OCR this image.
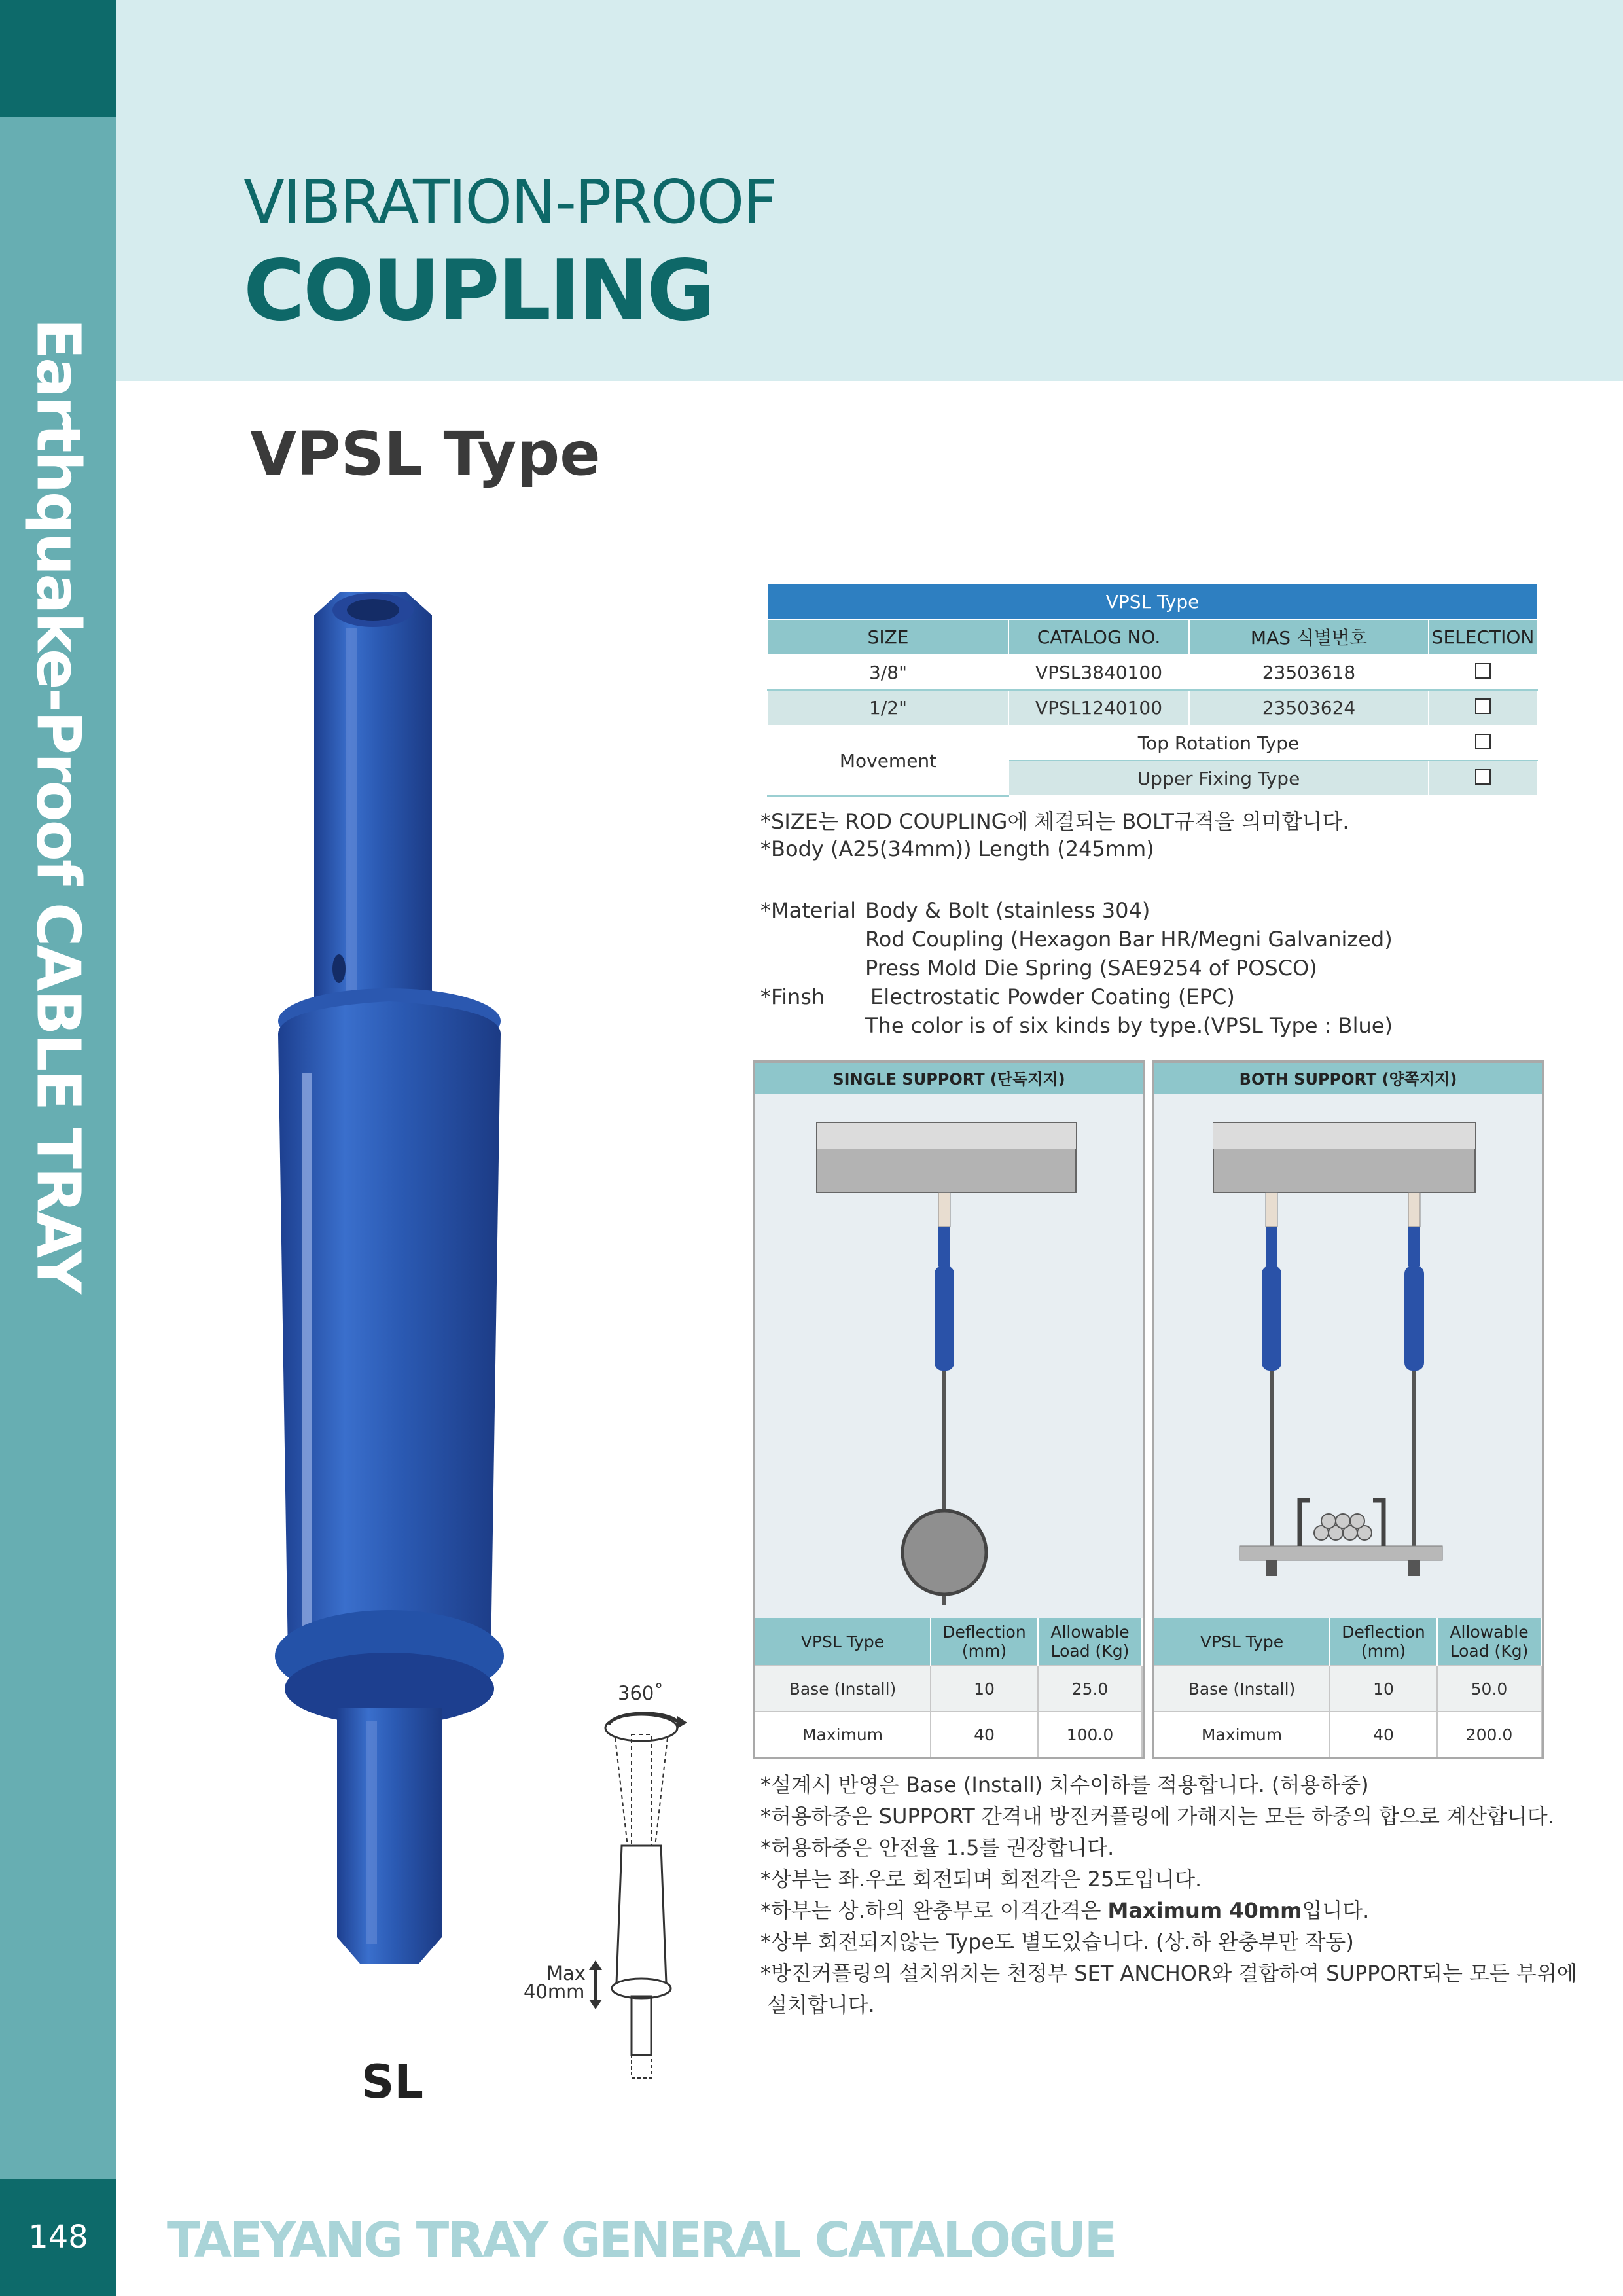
Earthquake-Proof CABLE TRAY
148
VIBRATION-PROOF
COUPLING
VPSL Type
360˚
Max
40mm
SL
VPSL Type			
SIZE	CATALOG NO.	MAS 식별번호	SELECTION
3/8"	VPSL3840100	23503618	
1/2"	VPSL1240100	23503624	
Movement	Top Rotation Type		
	Upper Fixing Type		
*SIZE는 ROD COUPLING에 체결되는 BOLT규격을 의미합니다.
*Body (A25(34mm)) Length (245mm)
*Material Body & Bolt (stainless 304)
Rod Coupling (Hexagon Bar HR/Megni Galvanized)
Press Mold Die Spring (SAE9254 of POSCO)
*Finsh Electrostatic Powder Coating (EPC)
The color is of six kinds by type.(VPSL Type : Blue)
SINGLE SUPPORT (단독지지)
VPSL Type	Deflection (mm)	Allowable Load (Kg)
Base (Install)	10	25.0
Maximum	40	100.0
BOTH SUPPORT (양쪽지지)
VPSL Type	Deflection (mm)	Allowable Load (Kg)
Base (Install)	10	50.0
Maximum	40	200.0
*설계시 반영은 Base (Install) 치수이하를 적용합니다. (허용하중)
*허용하중은 SUPPORT 간격내 방진커플링에 가해지는 모든 하중의 합으로 계산합니다.
*허용하중은 안전율 1.5를 권장합니다.
*상부는 좌.우로 회전되며 회전각은 25도입니다.
*하부는 상.하의 완충부로 이격간격은 Maximum 40mm입니다.
*상부 회전되지않는 Type도 별도있습니다. (상.하 완충부만 작동)
*방진커플링의 설치위치는 천정부 SET ANCHOR와 결합하여 SUPPORT되는 모든 부위에
설치합니다.
TAEYANG TRAY GENERAL CATALOGUE
